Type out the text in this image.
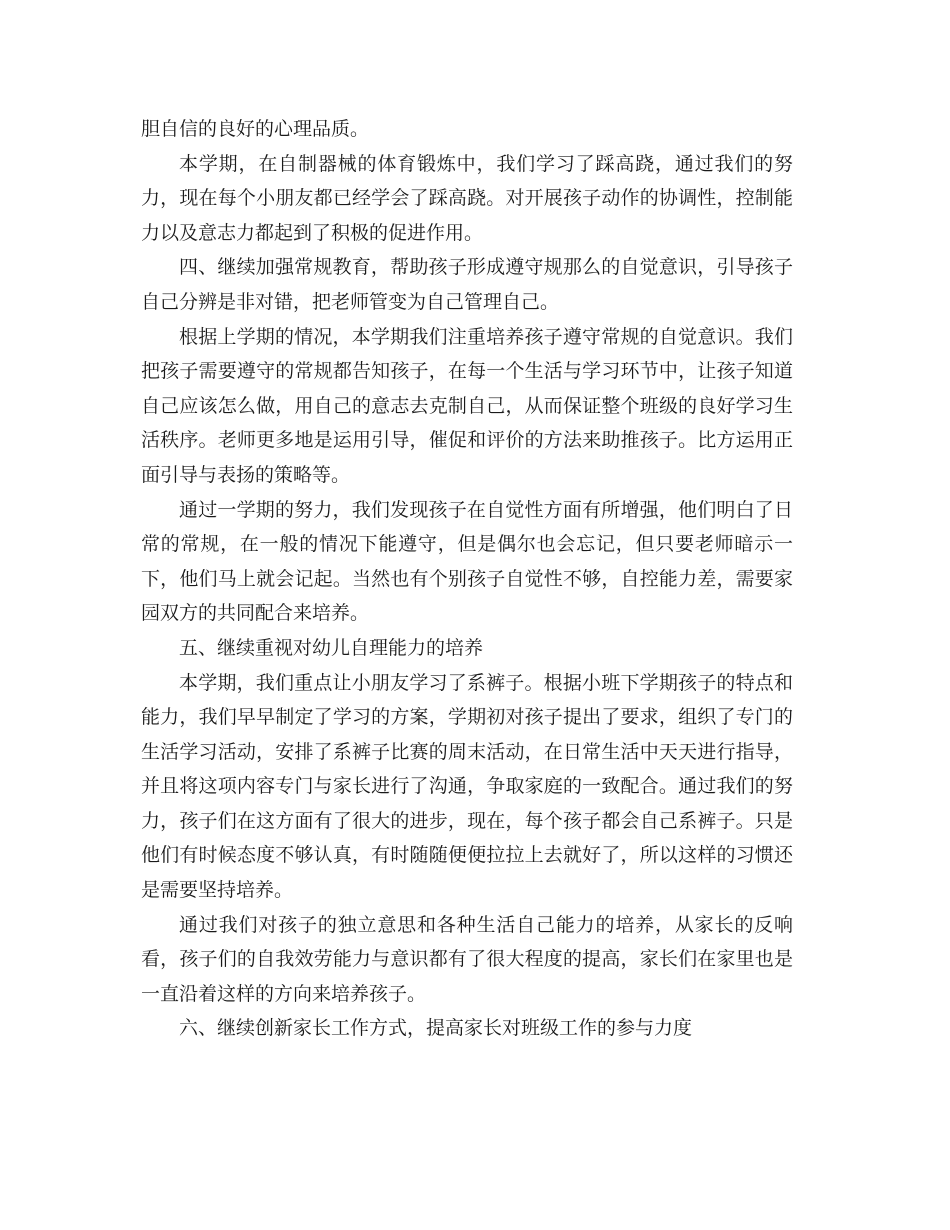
胆自信的良好的心理品质。

本学期，在自制器械的体育锻炼中，我们学习了踩高跷，通过我们的努力，现在每个小朋友都已经学会了踩高跷。对开展孩子动作的协调性，控制能力以及意志力都起到了积极的促进作用。

四、继续加强常规教育，帮助孩子形成遵守规那么的自觉意识，引导孩子自己分辨是非对错，把老师管变为自己管理自己。

根据上学期的情况，本学期我们注重培养孩子遵守常规的自觉意识。我们把孩子需要遵守的常规都告知孩子，在每一个生活与学习环节中，让孩子知道自己应该怎么做，用自己的意志去克制自己，从而保证整个班级的良好学习生活秩序。老师更多地是运用引导，催促和评价的方法来助推孩子。比方运用正面引导与表扬的策略等。

通过一学期的努力，我们发现孩子在自觉性方面有所增强，他们明白了日常的常规，在一般的情况下能遵守，但是偶尔也会忘记，但只要老师暗示一下，他们马上就会记起。当然也有个别孩子自觉性不够，自控能力差，需要家园双方的共同配合来培养。

五、继续重视对幼儿自理能力的培养

本学期，我们重点让小朋友学习了系裤子。根据小班下学期孩子的特点和能力，我们早早制定了学习的方案，学期初对孩子提出了要求，组织了专门的生活学习活动，安排了系裤子比赛的周末活动，在日常生活中天天进行指导，并且将这项内容专门与家长进行了沟通，争取家庭的一致配合。通过我们的努力，孩子们在这方面有了很大的进步，现在，每个孩子都会自己系裤子。只是他们有时候态度不够认真，有时随随便便拉拉上去就好了，所以这样的习惯还是需要坚持培养。

通过我们对孩子的独立意思和各种生活自己能力的培养，从家长的反响看，孩子们的自我效劳能力与意识都有了很大程度的提高，家长们在家里也是一直沿着这样的方向来培养孩子。

六、继续创新家长工作方式，提高家长对班级工作的参与力度
